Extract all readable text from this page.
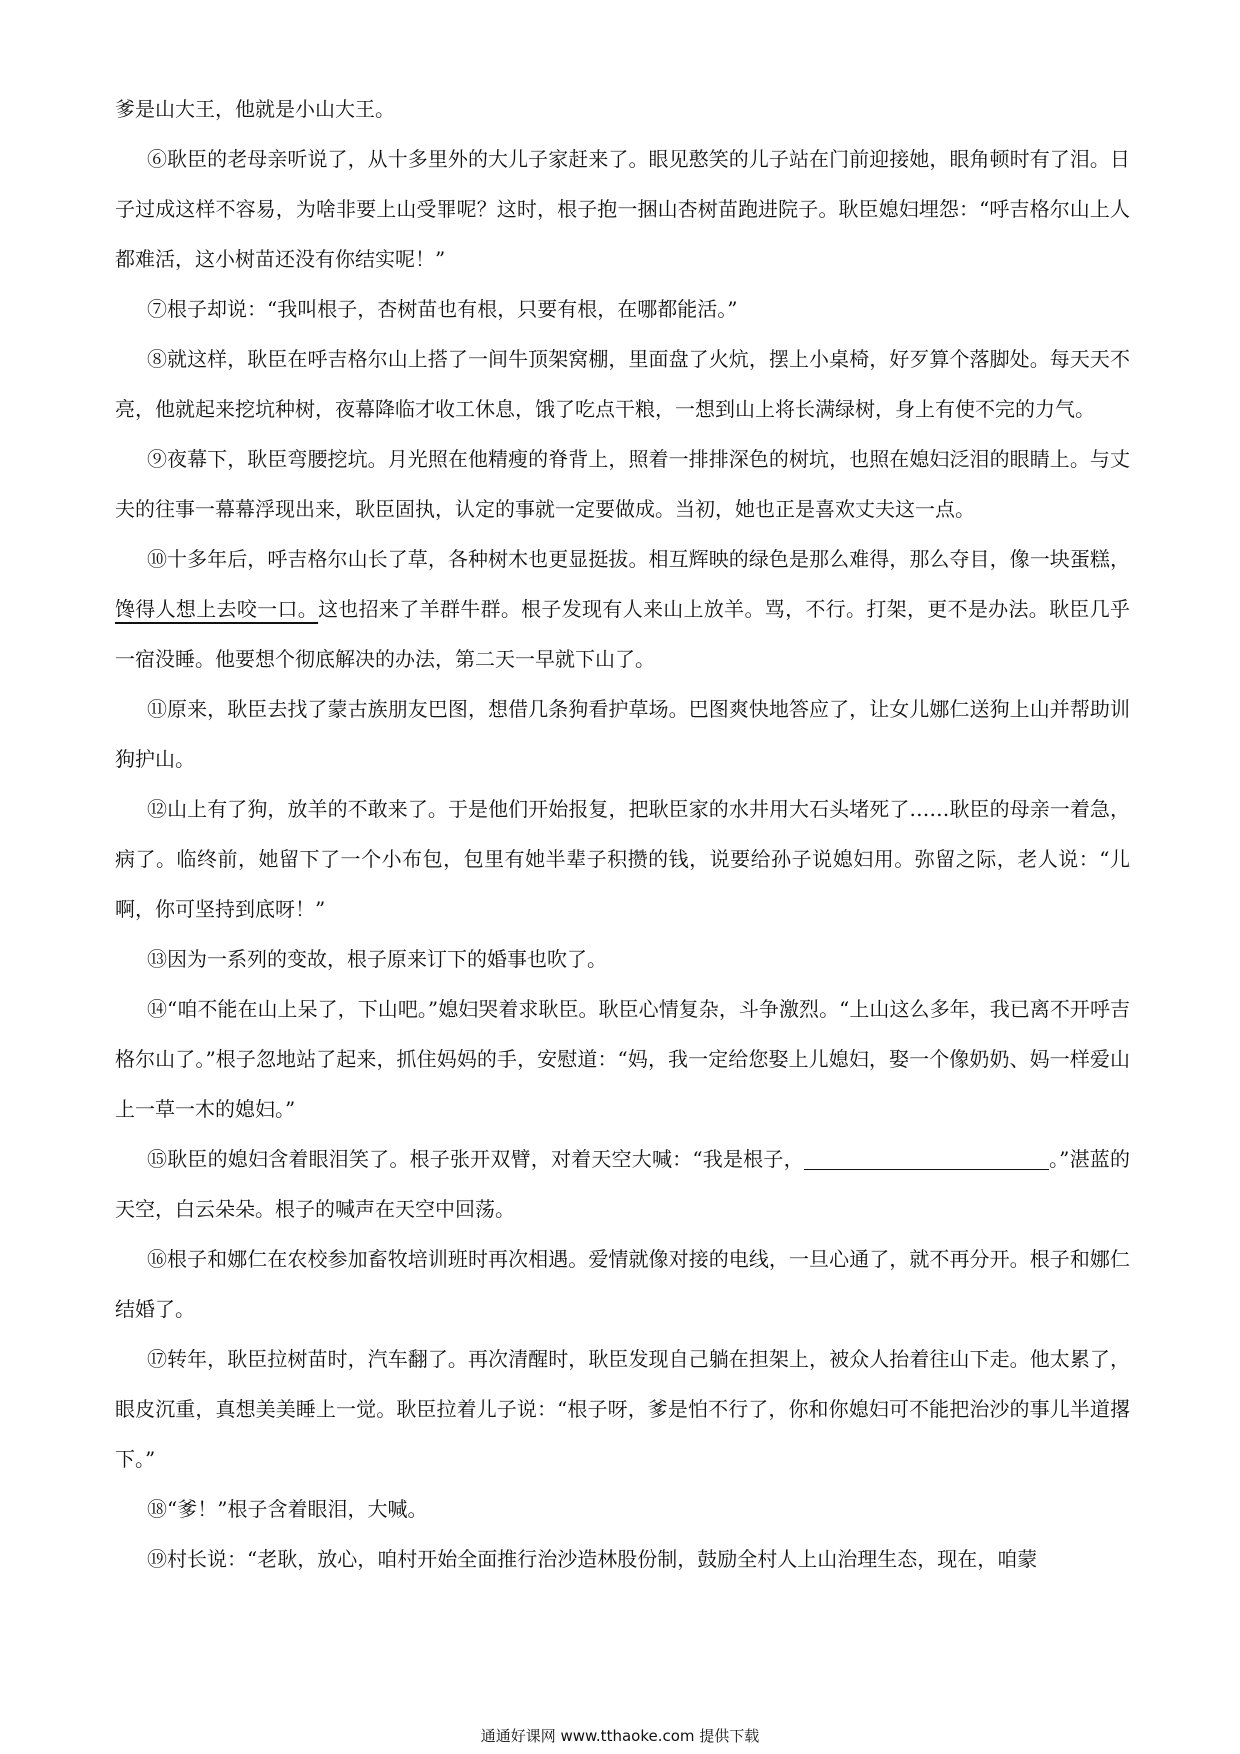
爹是山大王，他就是小山大王。

⑥耿臣的老母亲听说了，从十多里外的大儿子家赶来了。眼见憨笑的儿子站在门前迎接她，眼角顿时有了泪。日子过成这样不容易，为啥非要上山受罪呢？这时，根子抱一捆山杏树苗跑进院子。耿臣媳妇埋怨：“呼吉格尔山上人都难活，这小树苗还没有你结实呢！”

⑦根子却说：“我叫根子，杏树苗也有根，只要有根，在哪都能活。”

⑧就这样，耿臣在呼吉格尔山上搭了一间牛顶架窝棚，里面盘了火炕，摆上小桌椅，好歹算个落脚处。每天天不亮，他就起来挖坑种树，夜幕降临才收工休息，饿了吃点干粮，一想到山上将长满绿树，身上有使不完的力气。

⑨夜幕下，耿臣弯腰挖坑。月光照在他精瘦的脊背上，照着一排排深色的树坑，也照在媳妇泛泪的眼睛上。与丈夫的往事一幕幕浮现出来，耿臣固执，认定的事就一定要做成。当初，她也正是喜欢丈夫这一点。

⑩十多年后，呼吉格尔山长了草，各种树木也更显挺拔。相互辉映的绿色是那么难得，那么夺目，像一块蛋糕，馋得人想上去咬一口。这也招来了羊群牛群。根子发现有人来山上放羊。骂，不行。打架，更不是办法。耿臣几乎一宿没睡。他要想个彻底解决的办法，第二天一早就下山了。

⑪原来，耿臣去找了蒙古族朋友巴图，想借几条狗看护草场。巴图爽快地答应了，让女儿娜仁送狗上山并帮助训狗护山。

⑫山上有了狗，放羊的不敢来了。于是他们开始报复，把耿臣家的水井用大石头堵死了……耿臣的母亲一着急，病了。临终前，她留下了一个小布包，包里有她半辈子积攒的钱，说要给孙子说媳妇用。弥留之际，老人说：“儿啊，你可坚持到底呀！”

⑬因为一系列的变故，根子原来订下的婚事也吹了。

⑭“咱不能在山上呆了，下山吧。”媳妇哭着求耿臣。耿臣心情复杂，斗争激烈。“上山这么多年，我已离不开呼吉格尔山了。”根子忽地站了起来，抓住妈妈的手，安慰道：“妈，我一定给您娶上儿媳妇，娶一个像奶奶、妈一样爱山上一草一木的媳妇。”

⑮耿臣的媳妇含着眼泪笑了。根子张开双臂，对着天空大喊：“我是根子，	。”湛蓝的天空，白云朵朵。根子的喊声在天空中回荡。

⑯根子和娜仁在农校参加畜牧培训班时再次相遇。爱情就像对接的电线，一旦心通了，就不再分开。根子和娜仁结婚了。

⑰转年，耿臣拉树苗时，汽车翻了。再次清醒时，耿臣发现自己躺在担架上，被众人抬着往山下走。他太累了，眼皮沉重，真想美美睡上一觉。耿臣拉着儿子说：“根子呀，爹是怕不行了，你和你媳妇可不能把治沙的事儿半道撂下。”

⑱“爹！”根子含着眼泪，大喊。

⑲村长说：“老耿，放心，咱村开始全面推行治沙造林股份制，鼓励全村人上山治理生态，现在，咱蒙

通通好课网 www.tthaoke.com 提供下载
